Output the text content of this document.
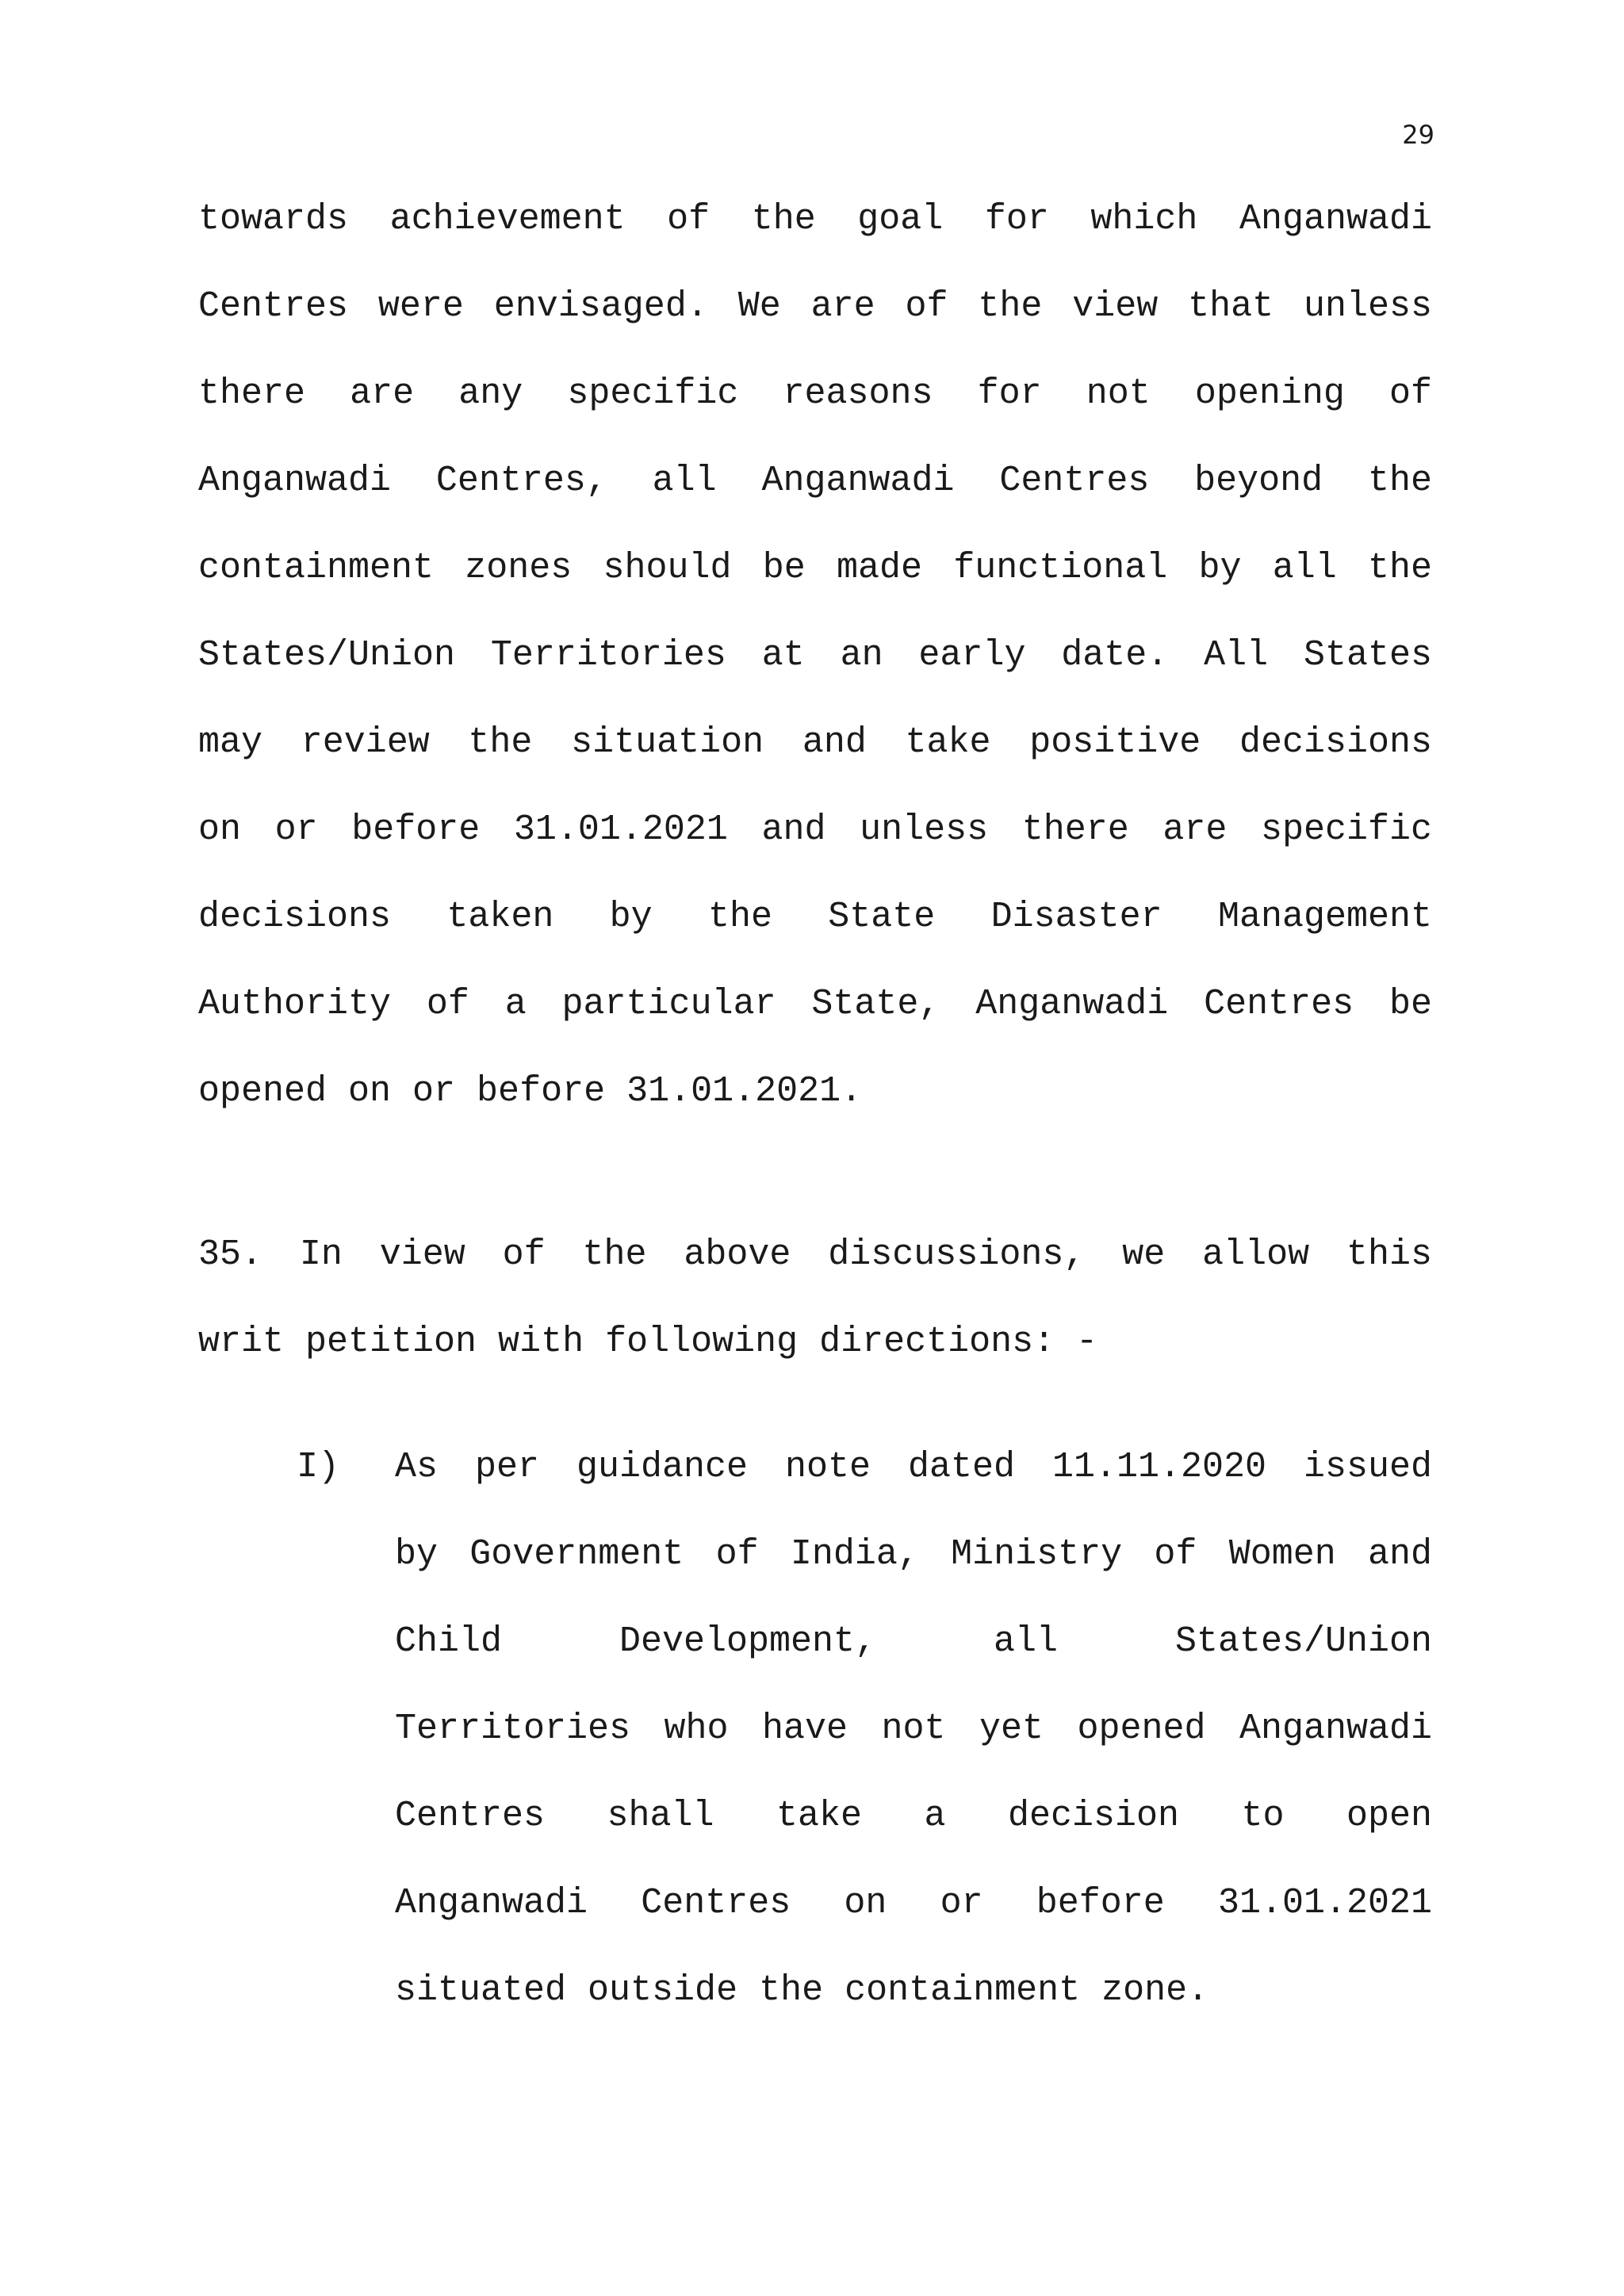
29
towards achievement of the goal for which Anganwadi
Centres were envisaged. We are of the view that unless
there are any specific reasons for not opening of
Anganwadi Centres, all Anganwadi Centres beyond the
containment zones should be made functional by all the
States/Union Territories at an early date. All States
may review the situation and take positive decisions
on or before 31.01.2021 and unless there are specific
decisions taken by the State Disaster Management
Authority of a particular State, Anganwadi Centres be
opened on or before 31.01.2021.
35. In view of the above discussions, we allow this
writ petition with following directions: -
I) As per guidance note dated 11.11.2020 issued
by Government of India, Ministry of Women and
Child Development, all States/Union
Territories who have not yet opened Anganwadi
Centres shall take a decision to open
Anganwadi Centres on or before 31.01.2021
situated outside the containment zone.
